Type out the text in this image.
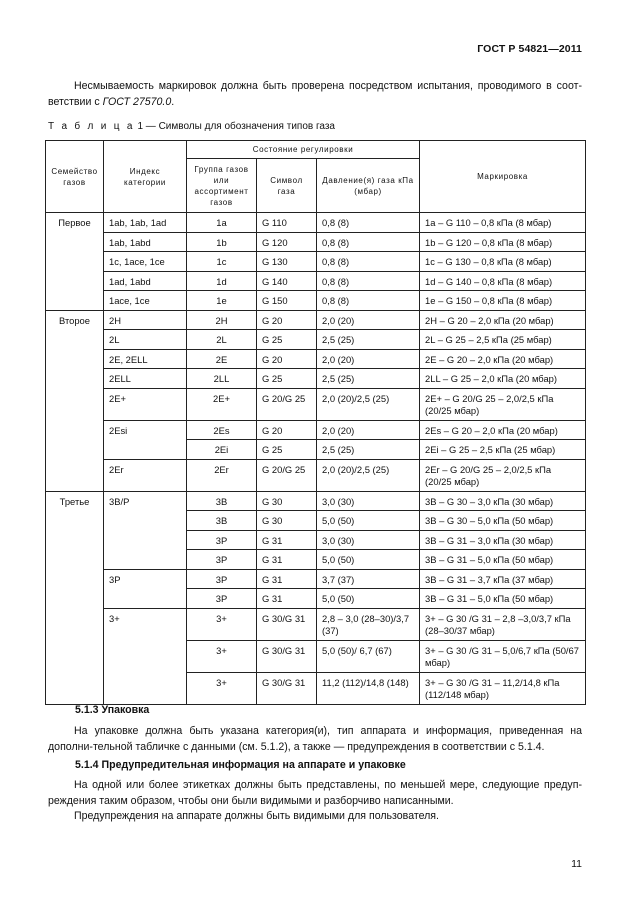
ГОСТ Р 54821—2011
Несмываемость маркировок должна быть проверена посредством испытания, проводимого в соот-ветствии с ГОСТ 27570.0.
Т а б л и ц а 1 — Символы для обозначения типов газа
Семейство газов	Индекс категории	Состояние регулировки			Маркировка
		Группа газов или ассортимент газов	Символ газа	Давление(я) газа кПа (мбар)	
Первое	1ab, 1ab, 1ad	1a	G 110	0,8 (8)	1a – G 110 – 0,8 кПа (8 мбар)
	1ab, 1abd	1b	G 120	0,8 (8)	1b – G 120 – 0,8 кПа (8 мбар)
	1c, 1ace, 1ce	1c	G 130	0,8 (8)	1c – G 130 – 0,8 кПа (8 мбар)
	1ad, 1abd	1d	G 140	0,8 (8)	1d – G 140 – 0,8 кПа (8 мбар)
	1ace, 1ce	1e	G 150	0,8 (8)	1e – G 150 – 0,8 кПа (8 мбар)
Второе	2H	2H	G 20	2,0 (20)	2H – G 20 – 2,0 кПа (20 мбар)
	2L	2L	G 25	2,5 (25)	2L – G 25 – 2,5 кПа (25 мбар)
	2E, 2ELL	2E	G 20	2,0 (20)	2E – G 20 – 2,0 кПа (20 мбар)
	2ELL	2LL	G 25	2,5 (25)	2LL – G 25 – 2,0 кПа (20 мбар)
	2E+	2E+	G 20/G 25	2,0 (20)/2,5 (25)	2E+ – G 20/G 25 – 2,0/2,5 кПа (20/25 мбар)
	2Esi	2Es	G 20	2,0 (20)	2Es – G 20 – 2,0 кПа (20 мбар)
		2Ei	G 25	2,5 (25)	2Ei – G 25 – 2,5 кПа (25 мбар)
	2Er	2Er	G 20/G 25	2,0 (20)/2,5 (25)	2Er – G 20/G 25 – 2,0/2,5 кПа (20/25 мбар)
Третье	3B/P	3B	G 30	3,0 (30)	3B – G 30 – 3,0 кПа (30 мбар)
		3B	G 30	5,0 (50)	3B – G 30 – 5,0 кПа (50 мбар)
		3P	G 31	3,0 (30)	3B – G 31 – 3,0 кПа (30 мбар)
		3P	G 31	5,0 (50)	3B – G 31 – 5,0 кПа (50 мбар)
	3P	3P	G 31	3,7 (37)	3B – G 31 – 3,7 кПа (37 мбар)
		3P	G 31	5,0 (50)	3B – G 31 – 5,0 кПа (50 мбар)
	3+	3+	G 30/G 31	2,8 – 3,0 (28–30)/3,7 (37)	3+ – G 30 /G 31 – 2,8 –3,0/3,7 кПа (28–30/37 мбар)
		3+	G 30/G 31	5,0 (50)/ 6,7 (67)	3+ – G 30 /G 31 – 5,0/6,7 кПа (50/67 мбар)
		3+	G 30/G 31	11,2 (112)/14,8 (148)	3+ – G 30 /G 31 – 11,2/14,8 кПа (112/148 мбар)
5.1.3 Упаковка
На упаковке должна быть указана категория(и), тип аппарата и информация, приведенная на дополни-тельной табличке с данными (см. 5.1.2), а также — предупреждения в соответствии с 5.1.4.
5.1.4 Предупредительная информация на аппарате и упаковке
На одной или более этикетках должны быть представлены, по меньшей мере, следующие предуп-реждения таким образом, чтобы они были видимыми и разборчиво написанными.
Предупреждения на аппарате должны быть видимыми для пользователя.
11
